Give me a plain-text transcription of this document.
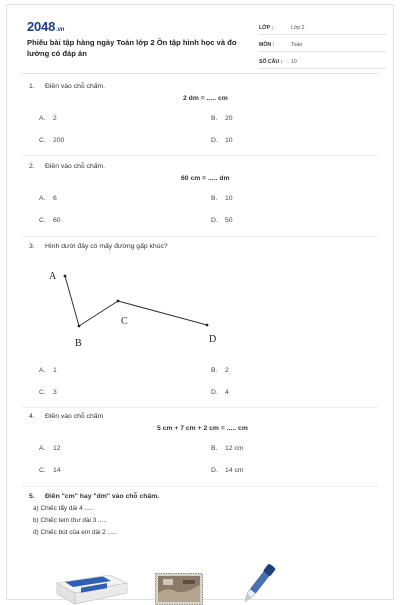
2048.vn
Phiếu bài tập hàng ngày Toán lớp 2 Ôn tập hình học và đo lường có đáp án
LỚP :	Lớp 2
MÔN :	Toán
SỐ CÂU :	10
1. Điền vào chỗ chấm.
2 dm = ..... cm
A. 2	B. 20
C. 200	D. 10
2. Điền vào chỗ chấm.
60 cm = ..... dm
A. 6	B. 10
C. 60	D. 50
3. Hình dưới đây có mấy đường gấp khúc?
A
B
C
D
A. 1	B. 2
C. 3	D. 4
4. Điền vào chỗ chấm
5 cm + 7 cm + 2 cm = ..... cm
A. 12	B. 12 cm
C. 14	D. 14 cm
5. Điền "cm" hay "dm" vào chỗ chấm.
a) Chiếc tẩy dài 4 .....
b) Chiếc tem thư dài 3 .....
d) Chiếc bút của em dài 2 .....
